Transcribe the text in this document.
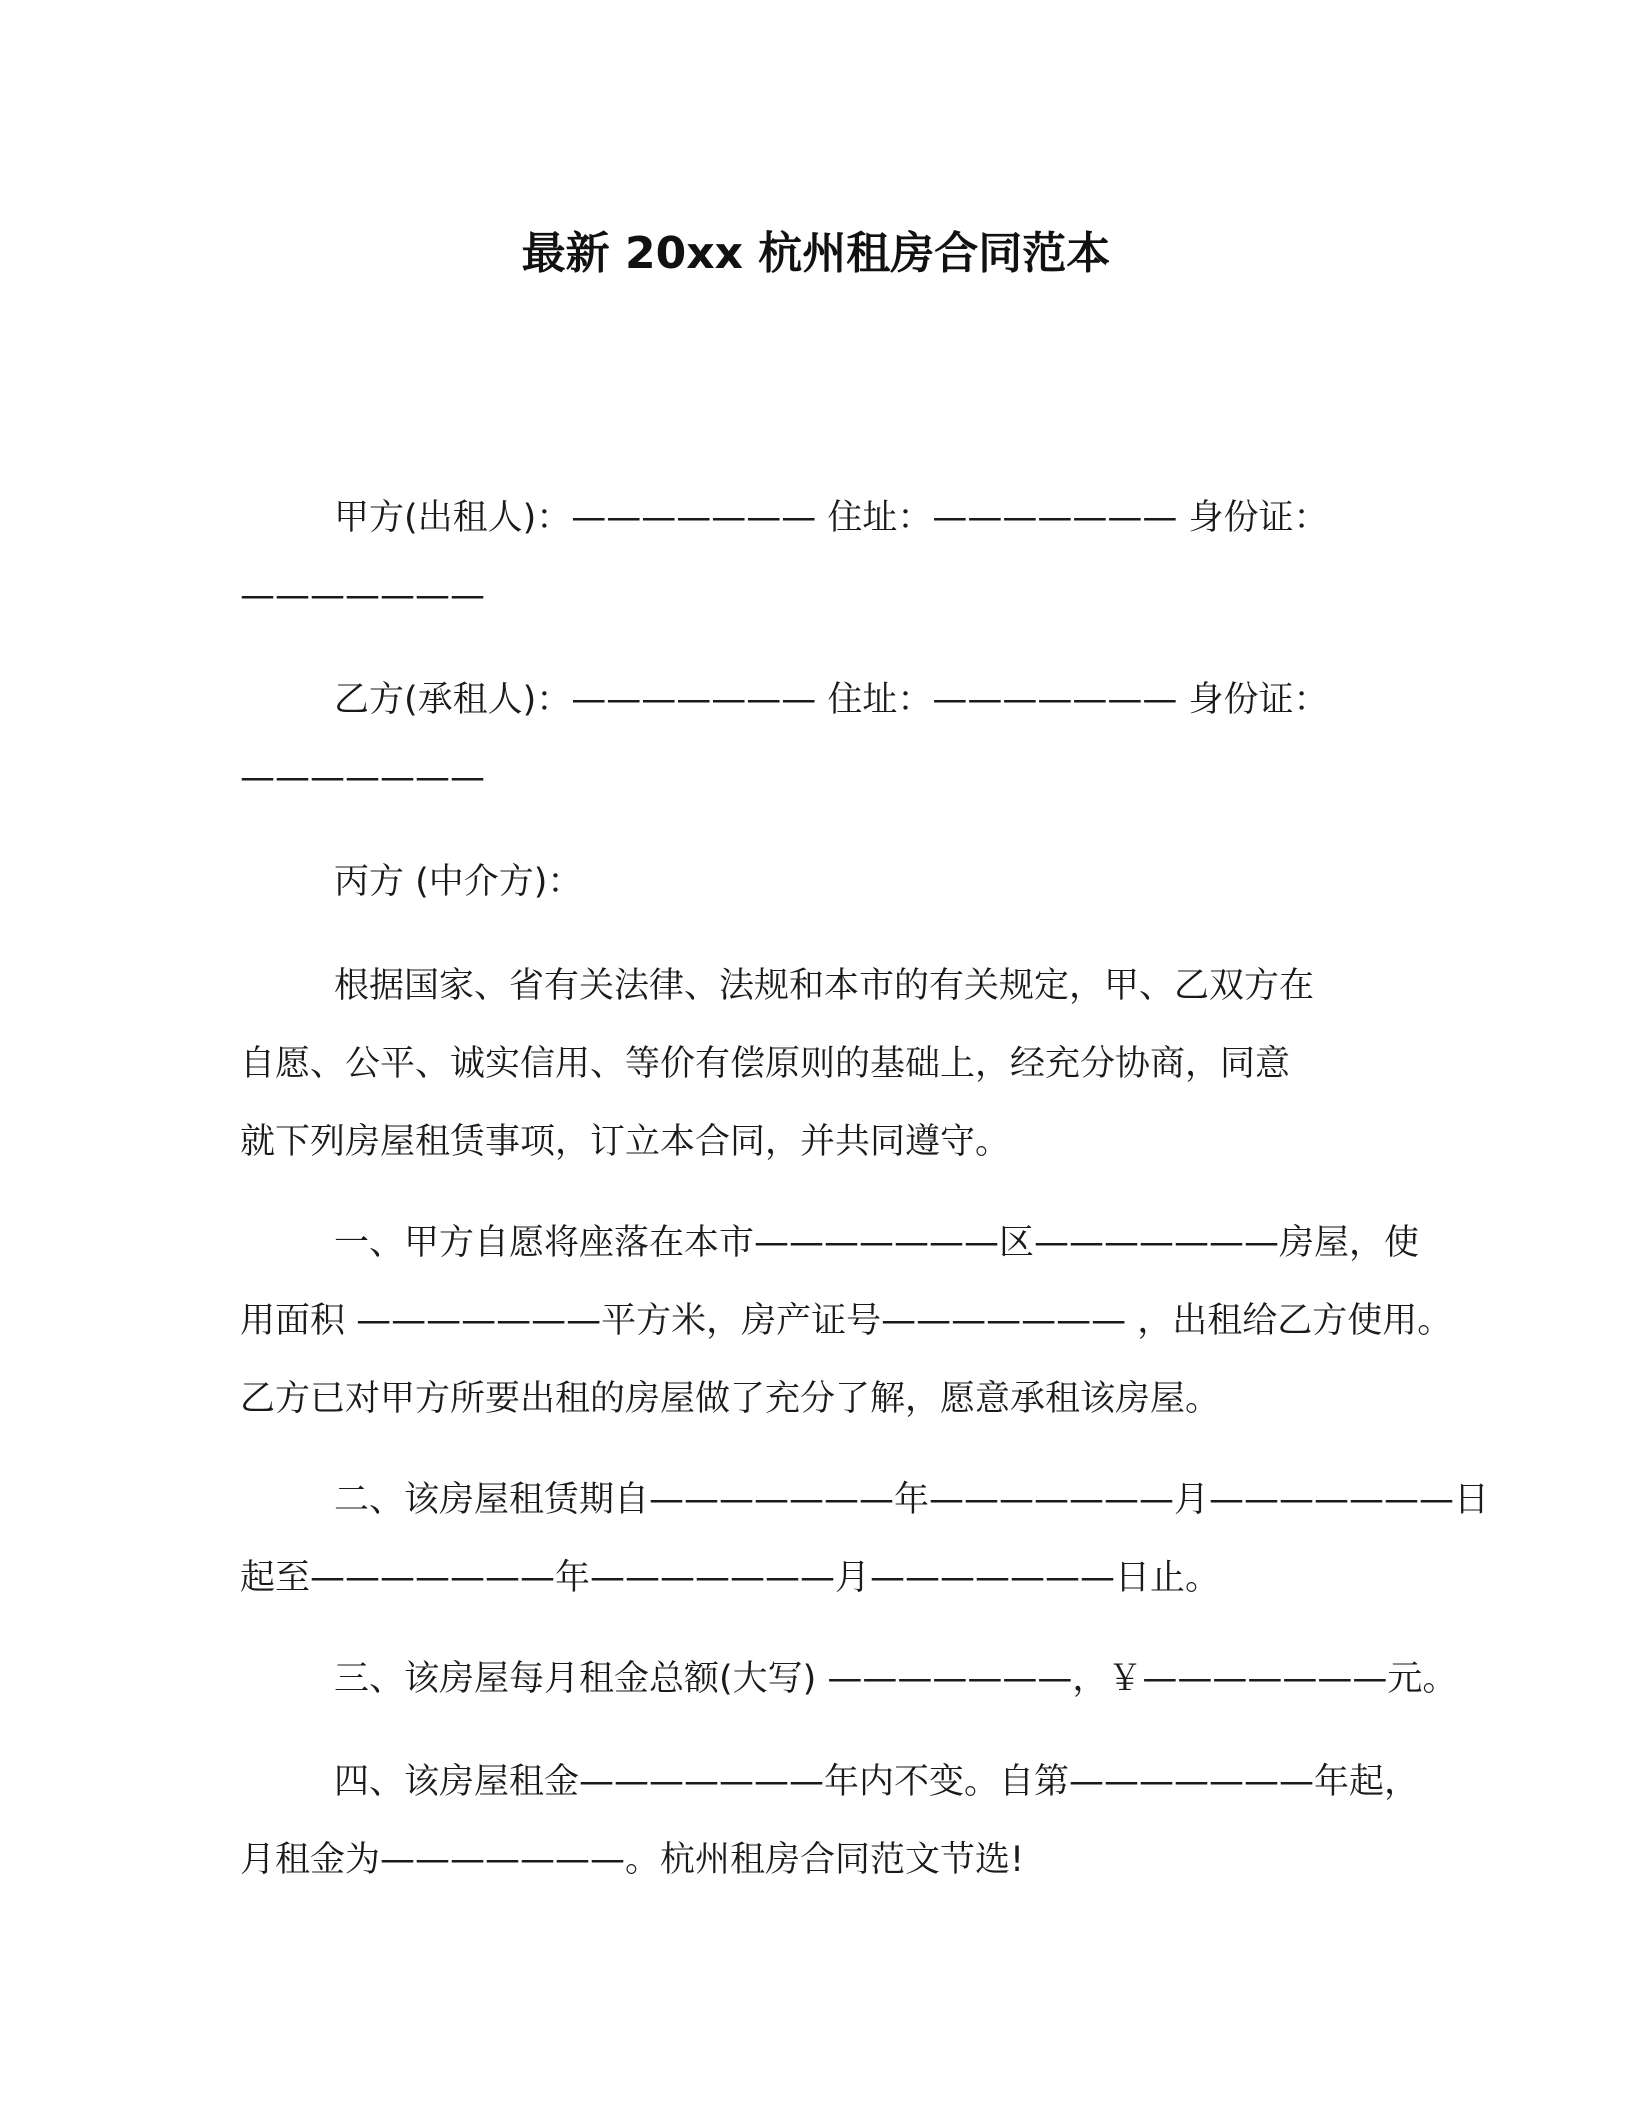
最新 20xx 杭州租房合同范本
甲方(出租人)：——————— 住址：——————— 身份证：
———————
乙方(承租人)：——————— 住址：——————— 身份证：
———————
丙方 (中介方)：
根据国家、省有关法律、法规和本市的有关规定，甲、乙双方在
自愿、公平、诚实信用、等价有偿原则的基础上，经充分协商，同意
就下列房屋租赁事项，订立本合同，并共同遵守。
一、甲方自愿将座落在本市———————区———————房屋，使
用面积 ———————平方米，房产证号——————— ，出租给乙方使用。
乙方已对甲方所要出租的房屋做了充分了解，愿意承租该房屋。
二、该房屋租赁期自———————年———————月———————日
起至———————年———————月———————日止。
三、该房屋每月租金总额(大写) ———————，￥———————元。
四、该房屋租金———————年内不变。自第———————年起，
月租金为———————。杭州租房合同范文节选!
